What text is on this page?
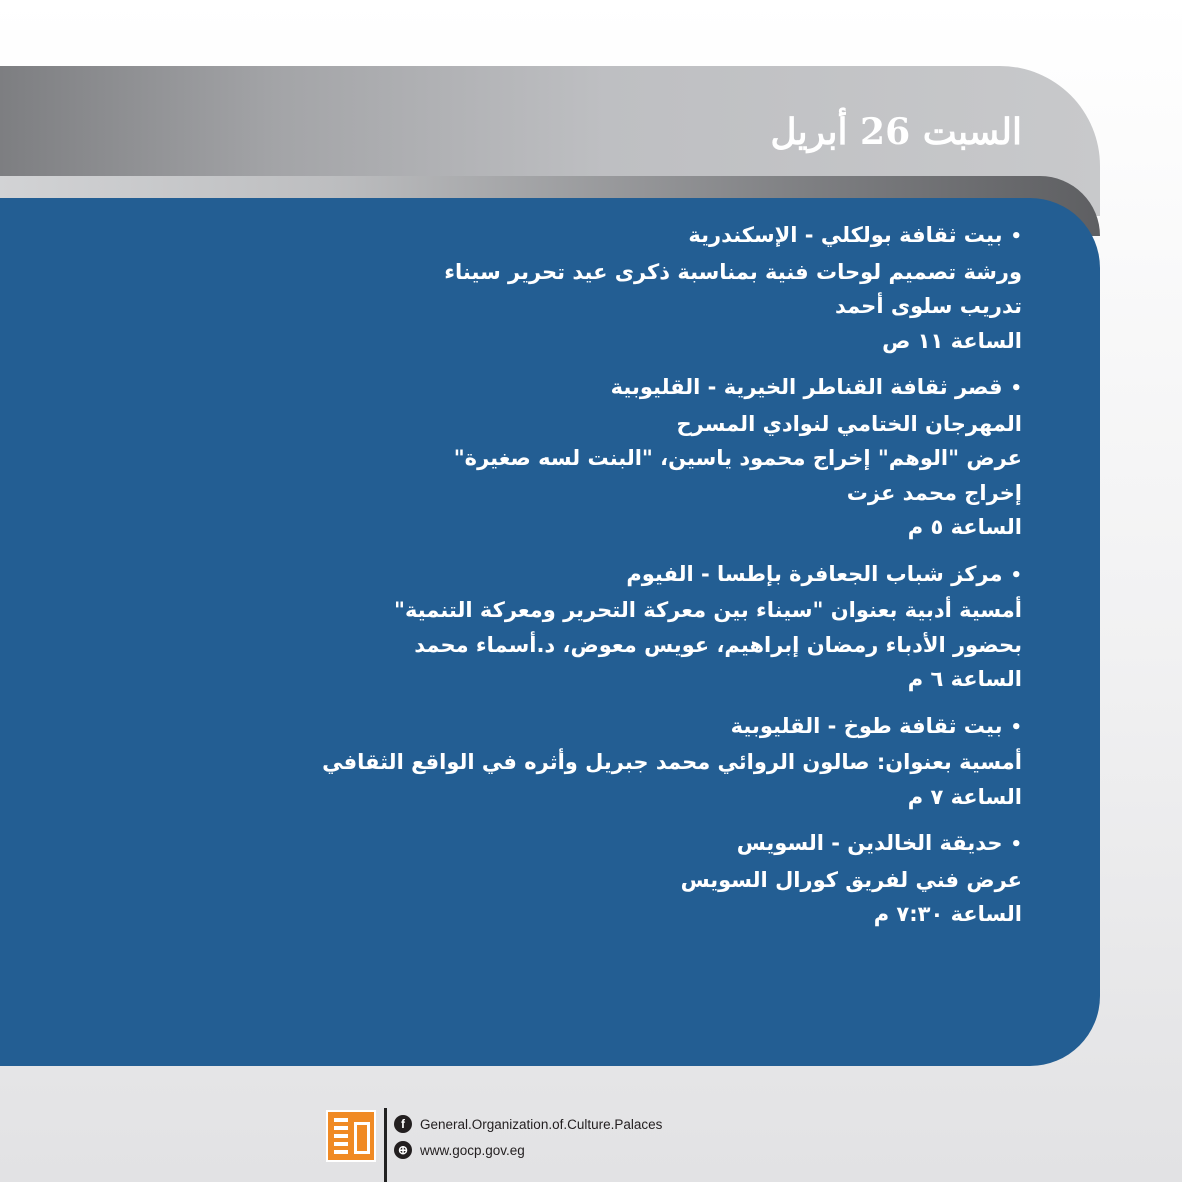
السبت 26 أبريل
•بيت ثقافة بولكلي - الإسكندرية
ورشة تصميم لوحات فنية بمناسبة ذكرى عيد تحرير سيناء
تدريب سلوى أحمد
الساعة ١١ ص
•قصر ثقافة القناطر الخيرية - القليوبية
المهرجان الختامي لنوادي المسرح
عرض "الوهم" إخراج محمود ياسين، "البنت لسه صغيرة"
إخراج محمد عزت
الساعة ٥ م
•مركز شباب الجعافرة بإطسا - الفيوم
أمسية أدبية بعنوان "سيناء بين معركة التحرير ومعركة التنمية"
بحضور الأدباء رمضان إبراهيم، عويس معوض، د.أسماء محمد
الساعة ٦ م
•بيت ثقافة طوخ - القليوبية
أمسية بعنوان: صالون الروائي محمد جبريل وأثره في الواقع الثقافي
الساعة ٧ م
•حديقة الخالدين - السويس
عرض فني لفريق كورال السويس
الساعة ٧:٣٠ م
f	General.Organization.of.Culture.Palaces
⊕ www.gocp.gov.eg
